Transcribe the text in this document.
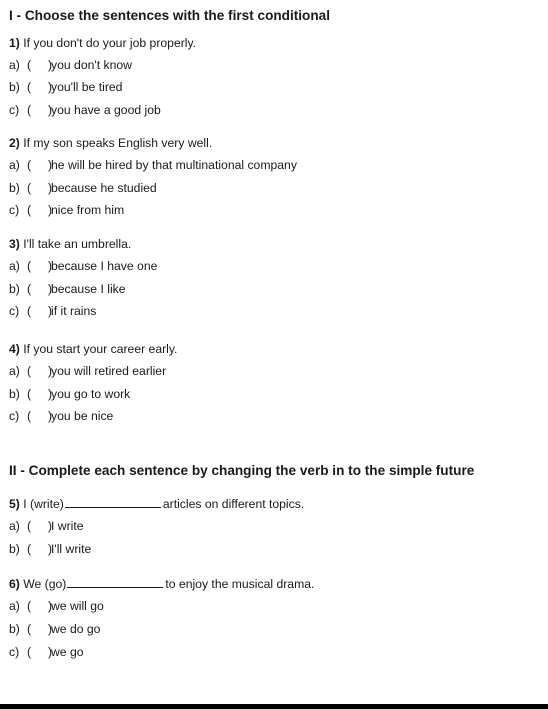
I - Choose the sentences with the first conditional
1) If you don't do your job properly.
a) (     )you don't know
b) (     )you'll be tired
c) (     )you have a good job
2) If my son speaks English very well.
a) (     )he will be hired by that multinational company
b) (     )because he studied
c) (     )nice from him
3) I'll take an umbrella.
a) (     )because I have one
b) (     )because I like
c) (     )if it rains
4) If you start your career early.
a) (     )you will retired earlier
b) (     )you go to work
c) (     )you be nice
II - Complete each sentence by changing the verb in to the simple future
5) I (write)	articles on different topics.
a) (     )I write
b) (     )I'll write
6) We (go)	to enjoy the musical drama.
a) (     )we will go
b) (     )we do go
c) (     )we go
